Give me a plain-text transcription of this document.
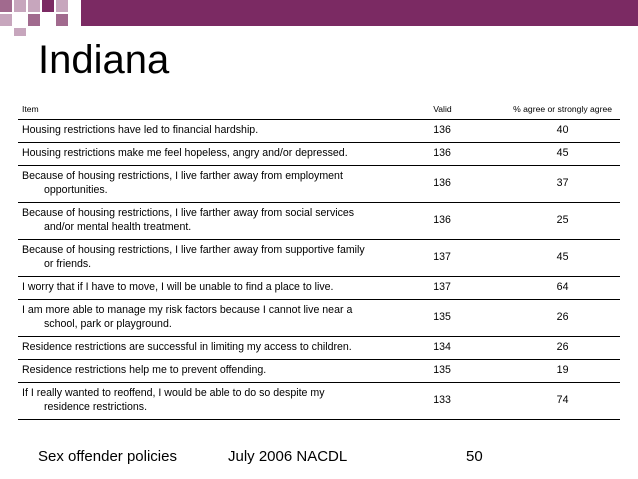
Indiana
Item	Valid	% agree or strongly agree
Housing restrictions have led to financial hardship.	136	40
Housing restrictions make me feel hopeless, angry and/or depressed.	136	45
Because of housing restrictions, I live farther away from employment
opportunities.	136	37
Because of housing restrictions, I live farther away from social services
and/or mental health treatment.	136	25
Because of housing restrictions, I live farther away from supportive family
or friends.	137	45
I worry that if I have to move, I will be unable to find a place to live.	137	64
I am more able to manage my risk factors because I cannot live near a
school, park or playground.	135	26
Residence restrictions are successful in limiting my access to children.	134	26
Residence restrictions help me to prevent offending.	135	19
If I really wanted to reoffend, I would be able to do so despite my
residence restrictions.	133	74
Sex offender policies	July 2006 NACDL	50
